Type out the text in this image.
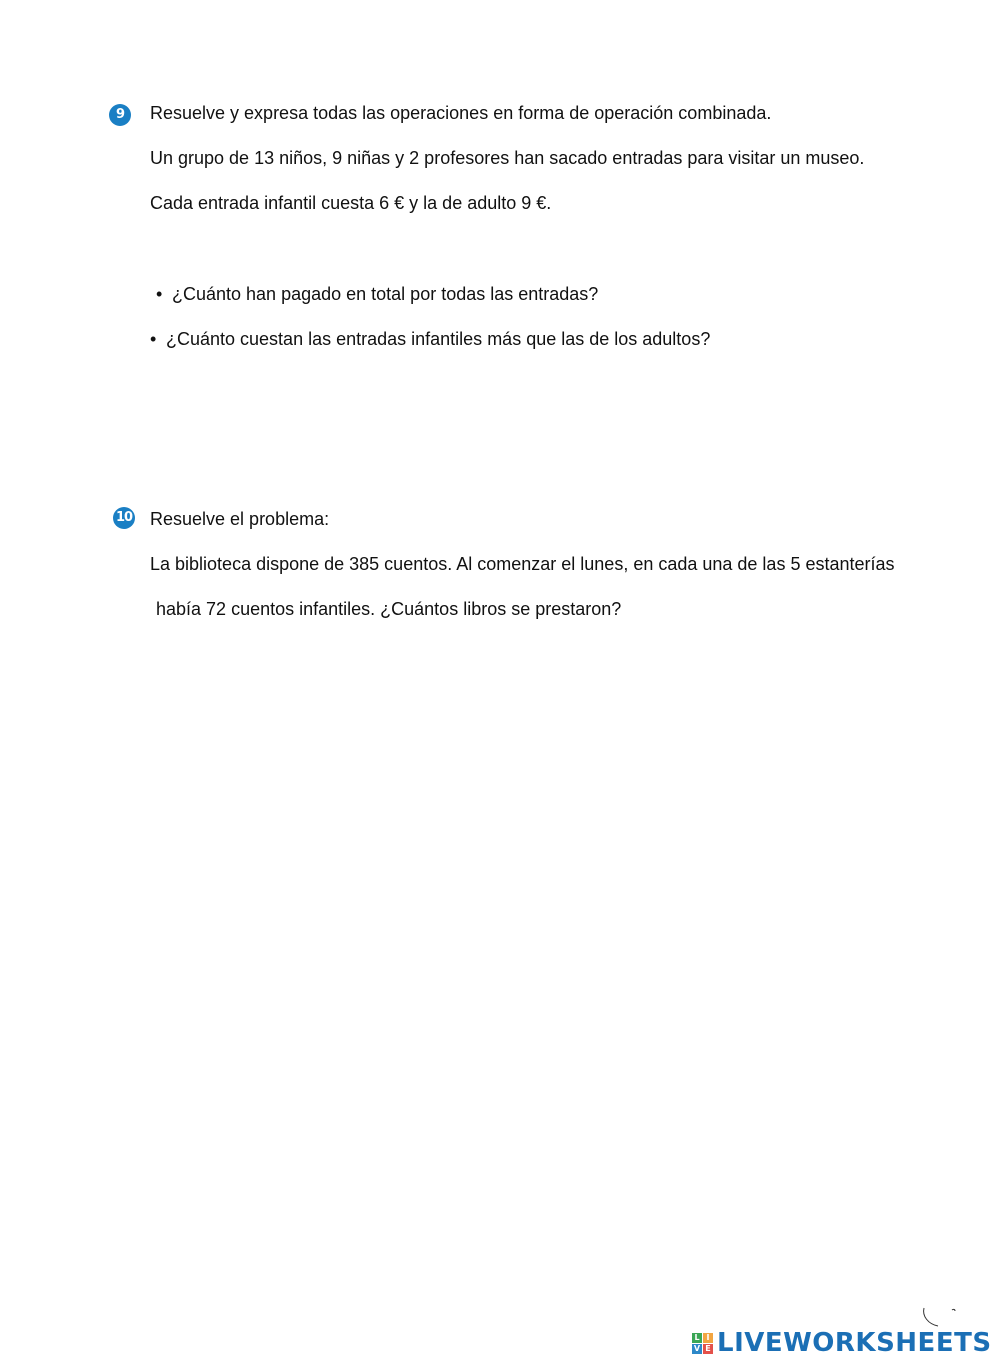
9	Resuelve y expresa todas las operaciones en forma de operación combinada.
Un grupo de 13 niños, 9 niñas y 2 profesores han sacado entradas para visitar un museo.
Cada entrada infantil cuesta 6 € y la de adulto 9 €.
• ¿Cuánto han pagado en total por todas las entradas?
• ¿Cuánto cuestan las entradas infantiles más que las de los adultos?
10 Resuelve el problema:
La biblioteca dispone de 385 cuentos. Al comenzar el lunes, en cada una de las 5 estanterías
había 72 cuentos infantiles. ¿Cuántos libros se prestaron?
L I
V E LIVEWORKSHEETS
